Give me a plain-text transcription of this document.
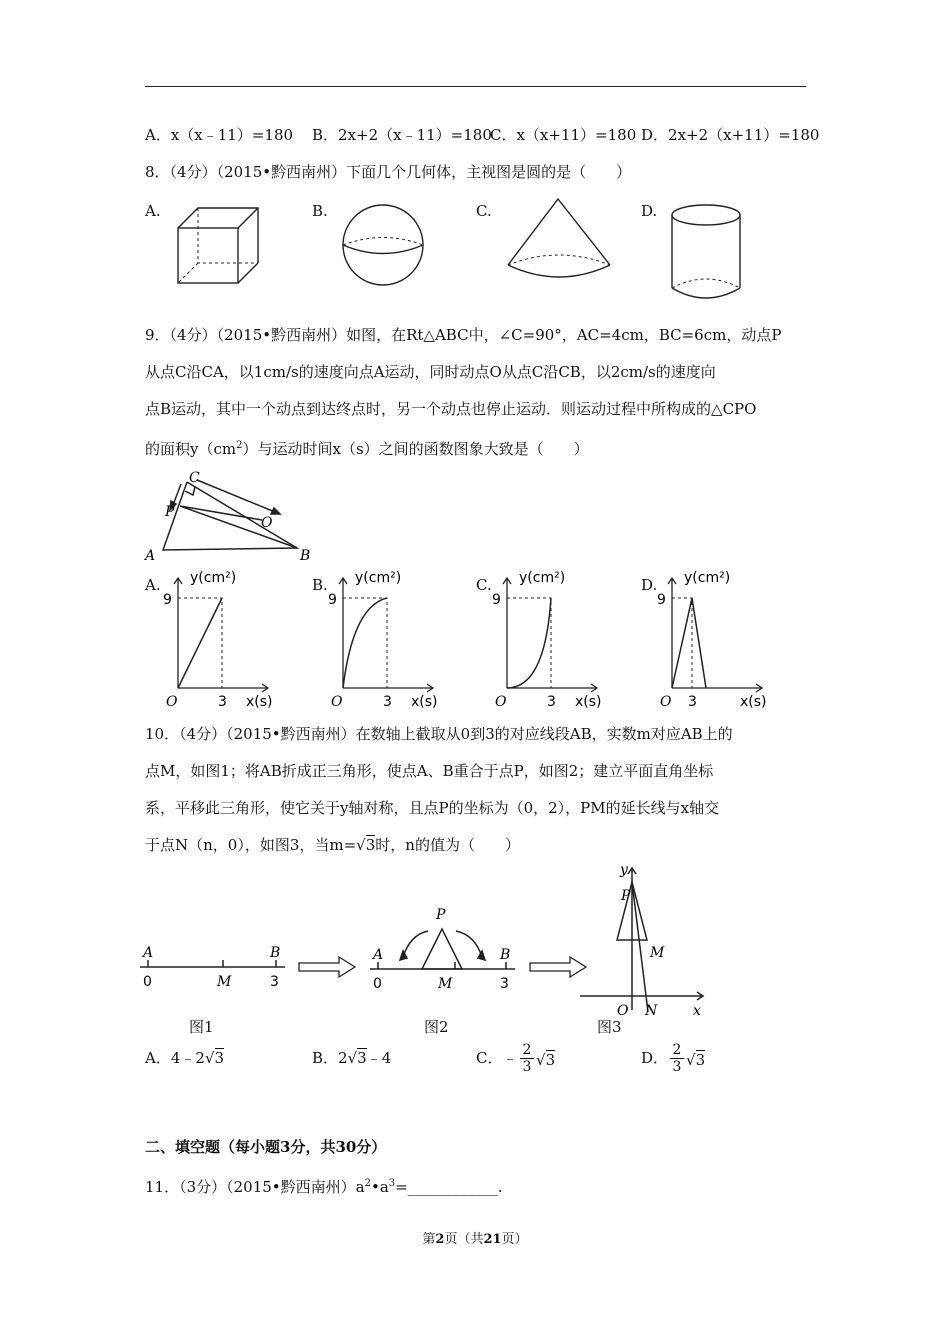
A．x（x﹣11）=180 B．2x+2（x﹣11）=180
C．x（x+11）=180 D．2x+2（x+11）=180
8．（4分）（2015•黔西南州）下面几个几何体，主视图是圆的是（　　）
A.	B.	C.	D.
9．（4分）（2015•黔西南州）如图，在Rt△ABC中，∠C=90°，AC=4cm，BC=6cm，动点P
从点C沿CA，以1cm/s的速度向点A运动，同时动点O从点C沿CB，以2cm/s的速度向
点B运动，其中一个动点到达终点时，另一个动点也停止运动．则运动过程中所构成的△CPO
的面积$y(cm^2)$与运动时间x（s）之间的函数图象大致是（　　）
C
P
O
A	B
A.	B.	C.	D.
y(cm²)
9
O	3 x(s)
y(cm²)
9
O	3 x(s)
y(cm²)
9
O	3 x(s)
y(cm²)
9
O 3	x(s)
10．（4分）（2015•黔西南州）在数轴上截取从0到3的对应线段AB，实数m对应AB上的
点M，如图1；将AB折成正三角形，使点A、B重合于点P，如图2；建立平面直角坐标
系，平移此三角形，使它关于y轴对称，且点P的坐标为（0，2），PM的延长线与x轴交
于点N（n，0），如图3，当m=√3时，n的值为（　　）
A	B
0	M	3
图1
P
A	B
0	M	3
图2
y
P
M
O N	x
图3
A．4﹣2√3	B．2√3﹣4	C．﹣ 2
3 √3	D． 2
3 √3
二、填空题（每小题3分，共30分）
11．（3分）（2015•黔西南州）$a^2•a^3=\_\_\_\_\_\_\_\_\_\_\_\_$.
第2页（共21页）
